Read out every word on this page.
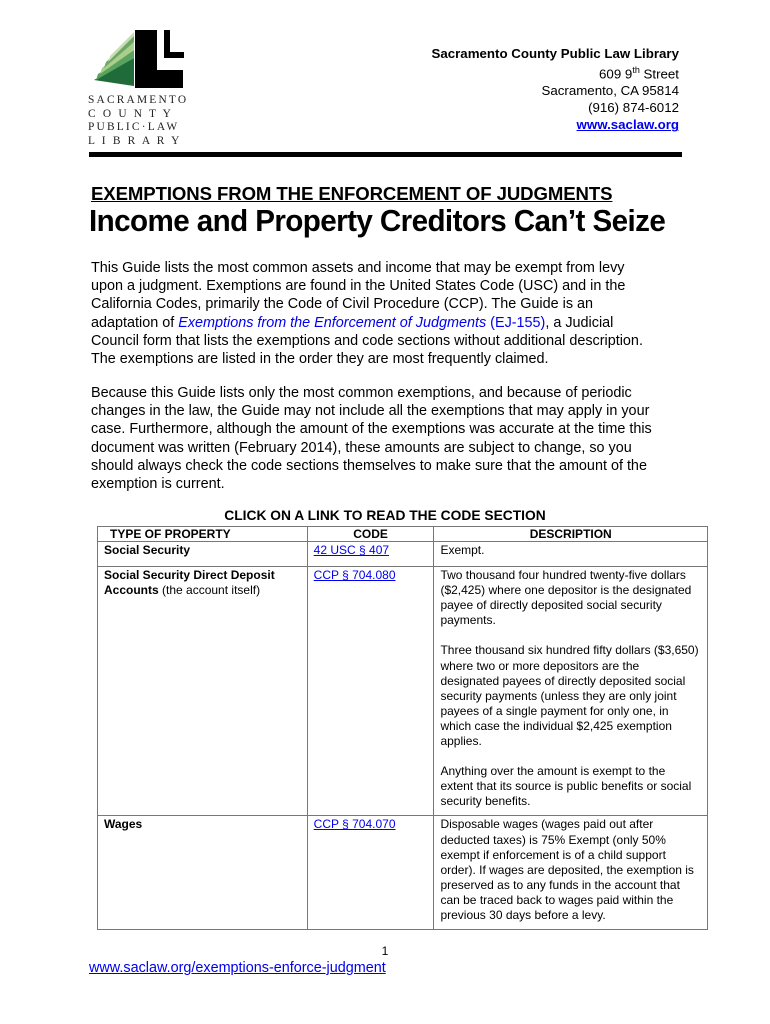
SACRAMENTO
C O U N T Y
PUBLIC·LAW
L I B R A R Y
Sacramento County Public Law Library
609 9th Street
Sacramento, CA 95814
(916) 874-6012
www.saclaw.org
EXEMPTIONS FROM THE ENFORCEMENT OF JUDGMENTS
Income and Property Creditors Can’t Seize
This Guide lists the most common assets and income that may be exempt from levy
upon a judgment. Exemptions are found in the United States Code (USC) and in the
California Codes, primarily the Code of Civil Procedure (CCP). The Guide is an
adaptation of Exemptions from the Enforcement of Judgments (EJ-155), a Judicial
Council form that lists the exemptions and code sections without additional description.
The exemptions are listed in the order they are most frequently claimed.
Because this Guide lists only the most common exemptions, and because of periodic
changes in the law, the Guide may not include all the exemptions that may apply in your
case. Furthermore, although the amount of the exemptions was accurate at the time this
document was written (February 2014), these amounts are subject to change, so you
should always check the code sections themselves to make sure that the amount of the
exemption is current.
CLICK ON A LINK TO READ THE CODE SECTION
TYPE OF PROPERTY	CODE	DESCRIPTION
Social Security	42 USC § 407	Exempt.

Social Security Direct Deposit Accounts (the account itself)	CCP § 704.080	Two thousand four hundred twenty-five dollars ($2,425) where one depositor is the designated payee of directly deposited social security payments.

Three thousand six hundred fifty dollars ($3,650) where two or more depositors are the designated payees of directly deposited social security payments (unless they are only joint payees of a single payment for only one, in which case the individual $2,425 exemption applies.

Anything over the amount is exempt to the extent that its source is public benefits or social security benefits.

Wages	CCP § 704.070	Disposable wages (wages paid out after deducted taxes) is 75% Exempt (only 50% exempt if enforcement is of a child support order). If wages are deposited, the exemption is preserved as to any funds in the account that can be traced back to wages paid within the previous 30 days before a levy.

1
www.saclaw.org/exemptions-enforce-judgment
